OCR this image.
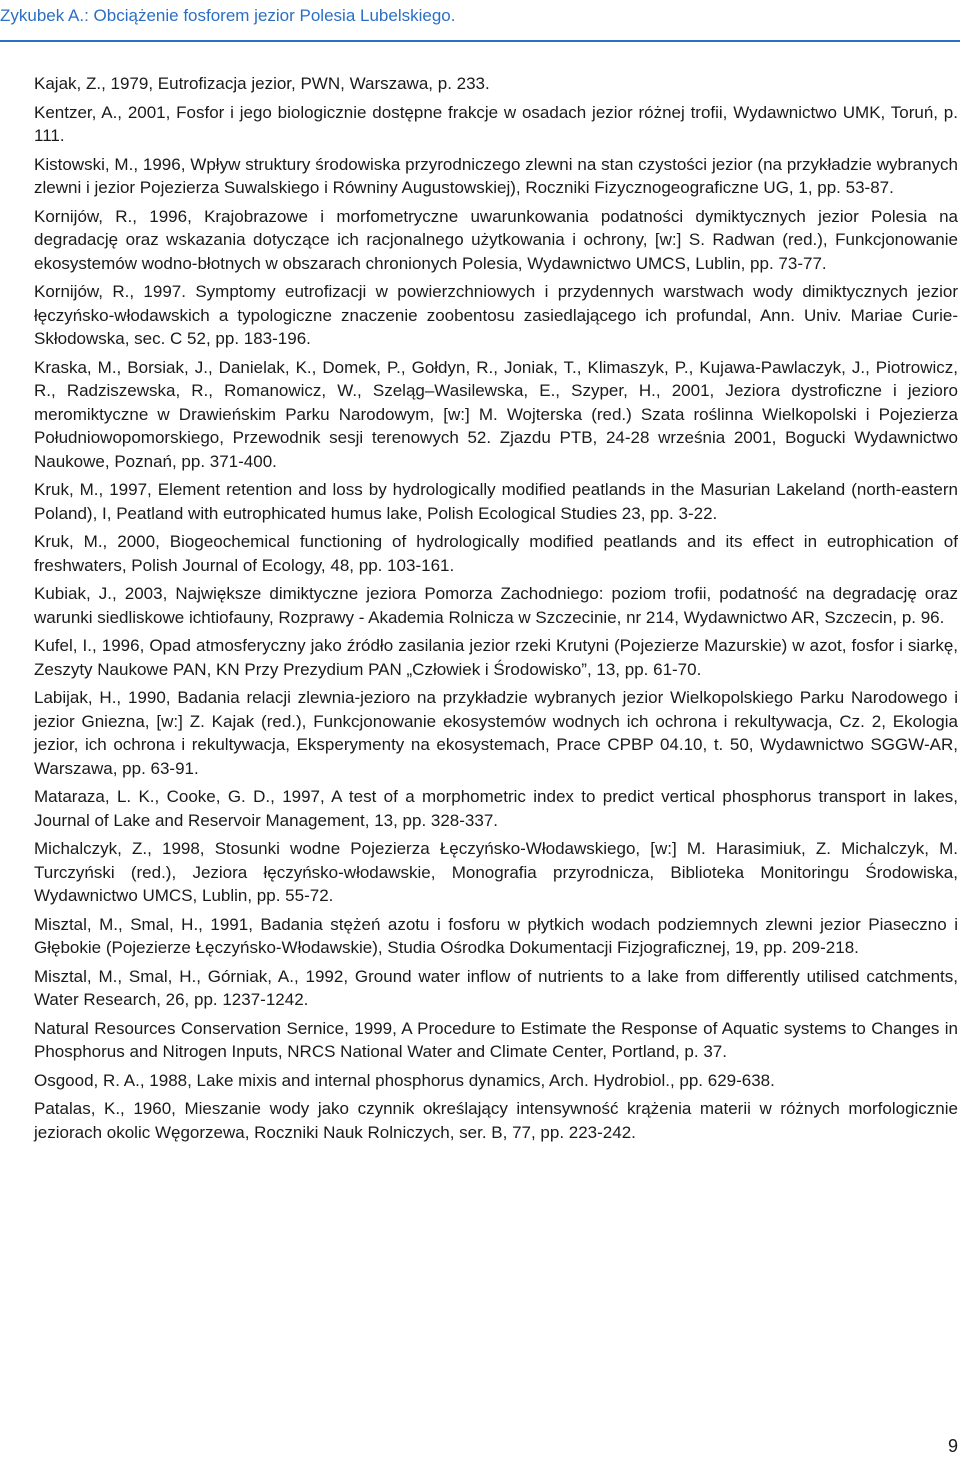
Zykubek A.: Obciążenie fosforem jezior Polesia Lubelskiego.
Kajak, Z., 1979, Eutrofizacja jezior, PWN, Warszawa, p. 233.
Kentzer, A., 2001, Fosfor i jego biologicznie dostępne frakcje w osadach jezior różnej trofii, Wydawnictwo UMK, Toruń, p. 111.
Kistowski, M., 1996, Wpływ struktury środowiska przyrodniczego zlewni na stan czystości jezior (na przykładzie wybranych zlewni i jezior Pojezierza Suwalskiego i Równiny Augustowskiej), Roczniki Fizycznogeograficzne UG, 1, pp. 53-87.
Kornijów, R., 1996, Krajobrazowe i morfometryczne uwarunkowania podatności dymiktycznych jezior Polesia na degradację oraz wskazania dotyczące ich racjonalnego użytkowania i ochrony, [w:] S. Radwan (red.), Funkcjonowanie ekosystemów wodno-błotnych w obszarach chronionych Polesia, Wydawnictwo UMCS, Lublin, pp. 73-77.
Kornijów, R., 1997. Symptomy eutrofizacji w powierzchniowych i przydennych warstwach wody dimiktycznych jezior łęczyńsko-włodawskich a typologiczne znaczenie zoobentosu zasiedlającego ich profundal, Ann. Univ. Mariae Curie-Skłodowska, sec. C 52, pp. 183-196.
Kraska, M., Borsiak, J., Danielak, K., Domek, P., Gołdyn, R., Joniak, T., Klimaszyk, P., Kujawa-Pawlaczyk, J., Piotrowicz, R., Radziszewska, R., Romanowicz, W., Szeląg–Wasilewska, E., Szyper, H., 2001, Jeziora dystroficzne i jezioro meromiktyczne w Drawieńskim Parku Narodowym, [w:] M. Wojterska (red.) Szata roślinna Wielkopolski i Pojezierza Południowopomorskiego, Przewodnik sesji terenowych 52. Zjazdu PTB, 24-28 września 2001, Bogucki Wydawnictwo Naukowe, Poznań, pp. 371-400.
Kruk, M., 1997, Element retention and loss by hydrologically modified peatlands in the Masurian Lakeland (north-eastern Poland), I, Peatland with eutrophicated humus lake, Polish Ecological Studies 23, pp. 3-22.
Kruk, M., 2000, Biogeochemical functioning of hydrologically modified peatlands and its effect in eutrophication of freshwaters, Polish Journal of Ecology, 48, pp. 103-161.
Kubiak, J., 2003, Największe dimiktyczne jeziora Pomorza Zachodniego: poziom trofii, podatność na degradację oraz warunki siedliskowe ichtiofauny, Rozprawy - Akademia Rolnicza w Szczecinie, nr 214, Wydawnictwo AR, Szczecin, p. 96.
Kufel, I., 1996, Opad atmosferyczny jako źródło zasilania jezior rzeki Krutyni (Pojezierze Mazurskie) w azot, fosfor i siarkę, Zeszyty Naukowe PAN, KN Przy Prezydium PAN „Człowiek i Środowisko”, 13, pp. 61-70.
Labijak, H., 1990, Badania relacji zlewnia-jezioro na przykładzie wybranych jezior Wielkopolskiego Parku Narodowego i jezior Gniezna, [w:] Z. Kajak (red.), Funkcjonowanie ekosystemów wodnych ich ochrona i rekultywacja, Cz. 2, Ekologia jezior, ich ochrona i rekultywacja, Eksperymenty na ekosystemach, Prace CPBP 04.10, t. 50, Wydawnictwo SGGW-AR, Warszawa, pp. 63-91.
Mataraza, L. K., Cooke, G. D., 1997, A test of a morphometric index to predict vertical phosphorus transport in lakes, Journal of Lake and Reservoir Management, 13, pp. 328-337.
Michalczyk, Z., 1998, Stosunki wodne Pojezierza Łęczyńsko-Włodawskiego, [w:] M. Harasimiuk, Z. Michalczyk, M. Turczyński (red.), Jeziora łęczyńsko-włodawskie, Monografia przyrodnicza, Biblioteka Monitoringu Środowiska, Wydawnictwo UMCS, Lublin, pp. 55-72.
Misztal, M., Smal, H., 1991, Badania stężeń azotu i fosforu w płytkich wodach podziemnych zlewni jezior Piaseczno i Głębokie (Pojezierze Łęczyńsko-Włodawskie), Studia Ośrodka Dokumentacji Fizjograficznej, 19, pp. 209-218.
Misztal, M., Smal, H., Górniak, A., 1992, Ground water inflow of nutrients to a lake from differently utilised catchments, Water Research, 26, pp. 1237-1242.
Natural Resources Conservation Sernice, 1999, A Procedure to Estimate the Response of Aquatic systems to Changes in Phosphorus and Nitrogen Inputs, NRCS National Water and Climate Center, Portland, p. 37.
Osgood, R. A., 1988, Lake mixis and internal phosphorus dynamics, Arch. Hydrobiol., pp. 629-638.
Patalas, K., 1960, Mieszanie wody jako czynnik określający intensywność krążenia materii w różnych morfologicznie jeziorach okolic Węgorzewa, Roczniki Nauk Rolniczych, ser. B, 77, pp. 223-242.
9
